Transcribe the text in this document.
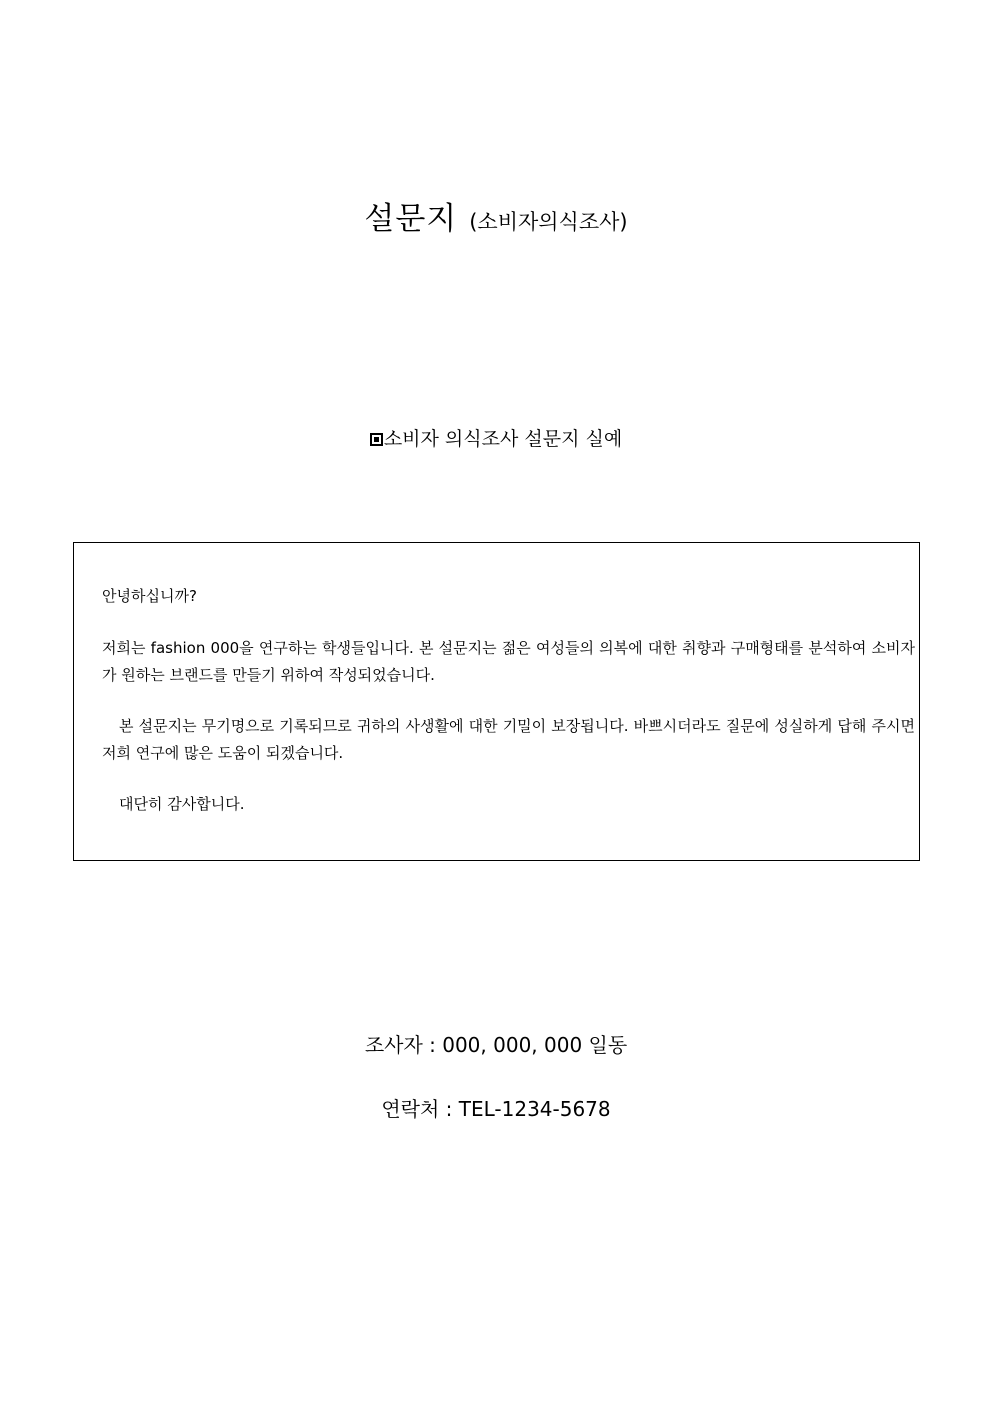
설문지 (소비자의식조사)
소비자 의식조사 설문지 실예

안녕하십니까?

저희는 fashion 000을 연구하는 학생들입니다. 본 설문지는 젊은 여성들의 의복에 대한 취향과 구매형태를 분석하여 소비자가 원하는 브랜드를 만들기 위하여 작성되었습니다.

본 설문지는 무기명으로 기록되므로 귀하의 사생활에 대한 기밀이 보장됩니다. 바쁘시더라도 질문에 성실하게 답해 주시면 저희 연구에 많은 도움이 되겠습니다.

대단히 감사합니다.

조사자 : 000, 000, 000 일동
연락처 : TEL-1234-5678
